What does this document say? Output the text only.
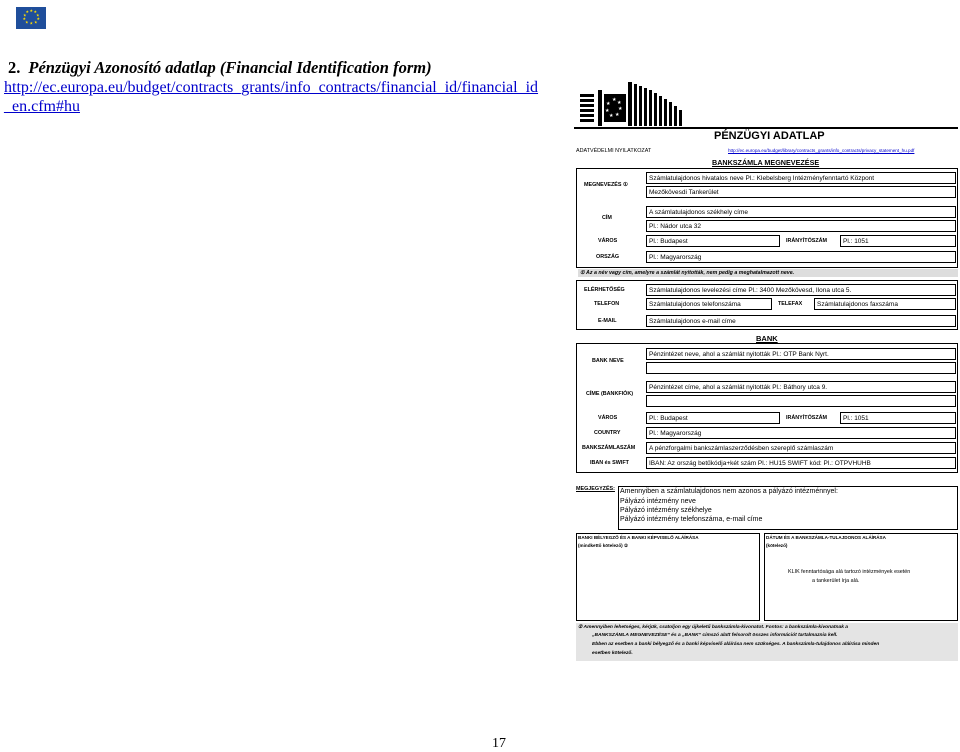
★ ★
★
★
★
★
★
★
★
★
2. Pénzügyi Azonosító adatlap (Financial Identification form)
http://ec.europa.eu/budget/contracts_grants/info_contracts/financial_id/financial_id_en.cfm#hu	★ ★
★
★
★
★
★
PÉNZÜGYI ADATLAP
ADATVÉDELMI NYILATKOZAT	http://ec.europa.eu/budget/library/contracts_grants/info_contracts/privacy_statement_hu.pdf
BANKSZÁMLA MEGNEVEZÉSE
MEGNEVEZÉS ①
Számlatulajdonos hivatalos neve Pl.: Klebelsberg Intézményfenntartó Központ
Mezőkövesdi Tankerület
CÍM
A számlatulajdonos székhely címe
Pl.: Nádor utca 32
VÁROS	Pl.: Budapest	IRÁNYÍTÓSZÁM	Pl.: 1051
ORSZÁG	Pl.: Magyarország
① Az a név vagy cím, amelyre a számlát nyitották, nem pedig a meghatalmazott neve.
ELÉRHETŐSÉG	Számlatulajdonos levelezési címe Pl.: 3400 Mezőkövesd, Ilona utca 5.
TELEFON	Számlatulajdonos telefonszáma	TELEFAX	Számlatulajdonos faxszáma
E-MAIL	Számlatulajdonos e-mail címe
BANK
BANK NEVE
Pénzintézet neve, ahol a számlát nyitották Pl.: OTP Bank Nyrt.
CÍME (BANKFIÓK)
Pénzintézet címe, ahol a számlát nyitották Pl.: Báthory utca 9.
VÁROS	Pl.: Budapest	IRÁNYÍTÓSZÁM	Pl.: 1051
COUNTRY	Pl.: Magyarország
BANKSZÁMLASZÁM	A pénzforgalmi bankszámlaszerződésben szereplő számlaszám
IBAN és SWIFT	IBAN: Az ország betűkódja+két szám Pl.: HU15 SWIFT kód: Pl.: OTPVHUHB
MEGJEGYZÉS: Amennyiben a számlatulajdonos nem azonos a pályázó intézménnyel:
Pályázó intézmény neve
Pályázó intézmény székhelye
Pályázó intézmény telefonszáma, e-mail címe
BANKI BÉLYEGZŐ ÉS A BANKI KÉPVISELŐ ALÁÍRÁSA
(mindkettő kötelező) ②
DÁTUM ÉS A BANKSZÁMLA-TULAJDONOS ALÁÍRÁSA
(kötelező)
KLIK fenntartóságа alá tartozó intézmények esetén
a tankerület írja alá.
② Amennyiben lehetséges, kérjük, csatoljon egy újkeletű bankszámla-kivonatot. Fontos: a bankszámla-kivonatnak a
„BANKSZÁMLA MEGNEVEZÉSE” és a „BANK” címszó alatt felsorolt összes információt tartalmaznia kell.
Ebben az esetben a banki bélyegző és a banki képviselő aláírása nem szükséges. A bankszámla-tulajdonos aláírása minden
esetben kötelező.
17
